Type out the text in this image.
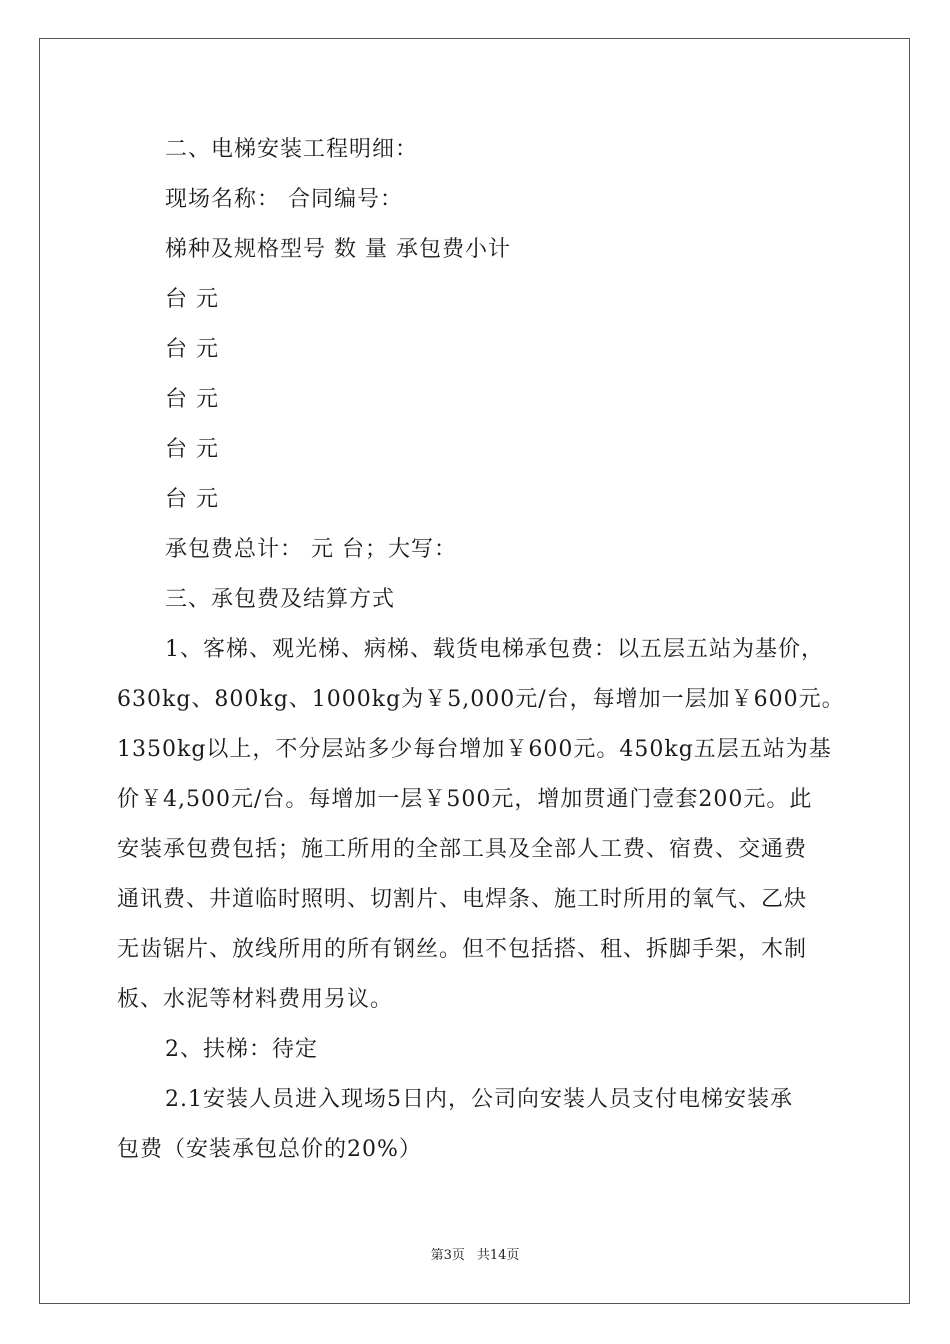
二、电梯安装工程明细：
现场名称： 合同编号：
梯种及规格型号 数 量 承包费小计
台 元
台 元
台 元
台 元
台 元
承包费总计： 元 台；大写：
三、承包费及结算方式
1、客梯、观光梯、病梯、载货电梯承包费：以五层五站为基价，
630kg、800kg、1000kg为￥5,000元/台，每增加一层加￥600元。
1350kg以上，不分层站多少每台增加￥600元。450kg五层五站为基
价￥4,500元/台。每增加一层￥500元，增加贯通门壹套200元。此
安装承包费包括；施工所用的全部工具及全部人工费、宿费、交通费
通讯费、井道临时照明、切割片、电焊条、施工时所用的氧气、乙炔
无齿锯片、放线所用的所有钢丝。但不包括搭、租、拆脚手架，木制
板、水泥等材料费用另议。
2、扶梯：待定
2.1安装人员进入现场5日内，公司向安装人员支付电梯安装承
包费（安装承包总价的20%）
第3页 共14页
